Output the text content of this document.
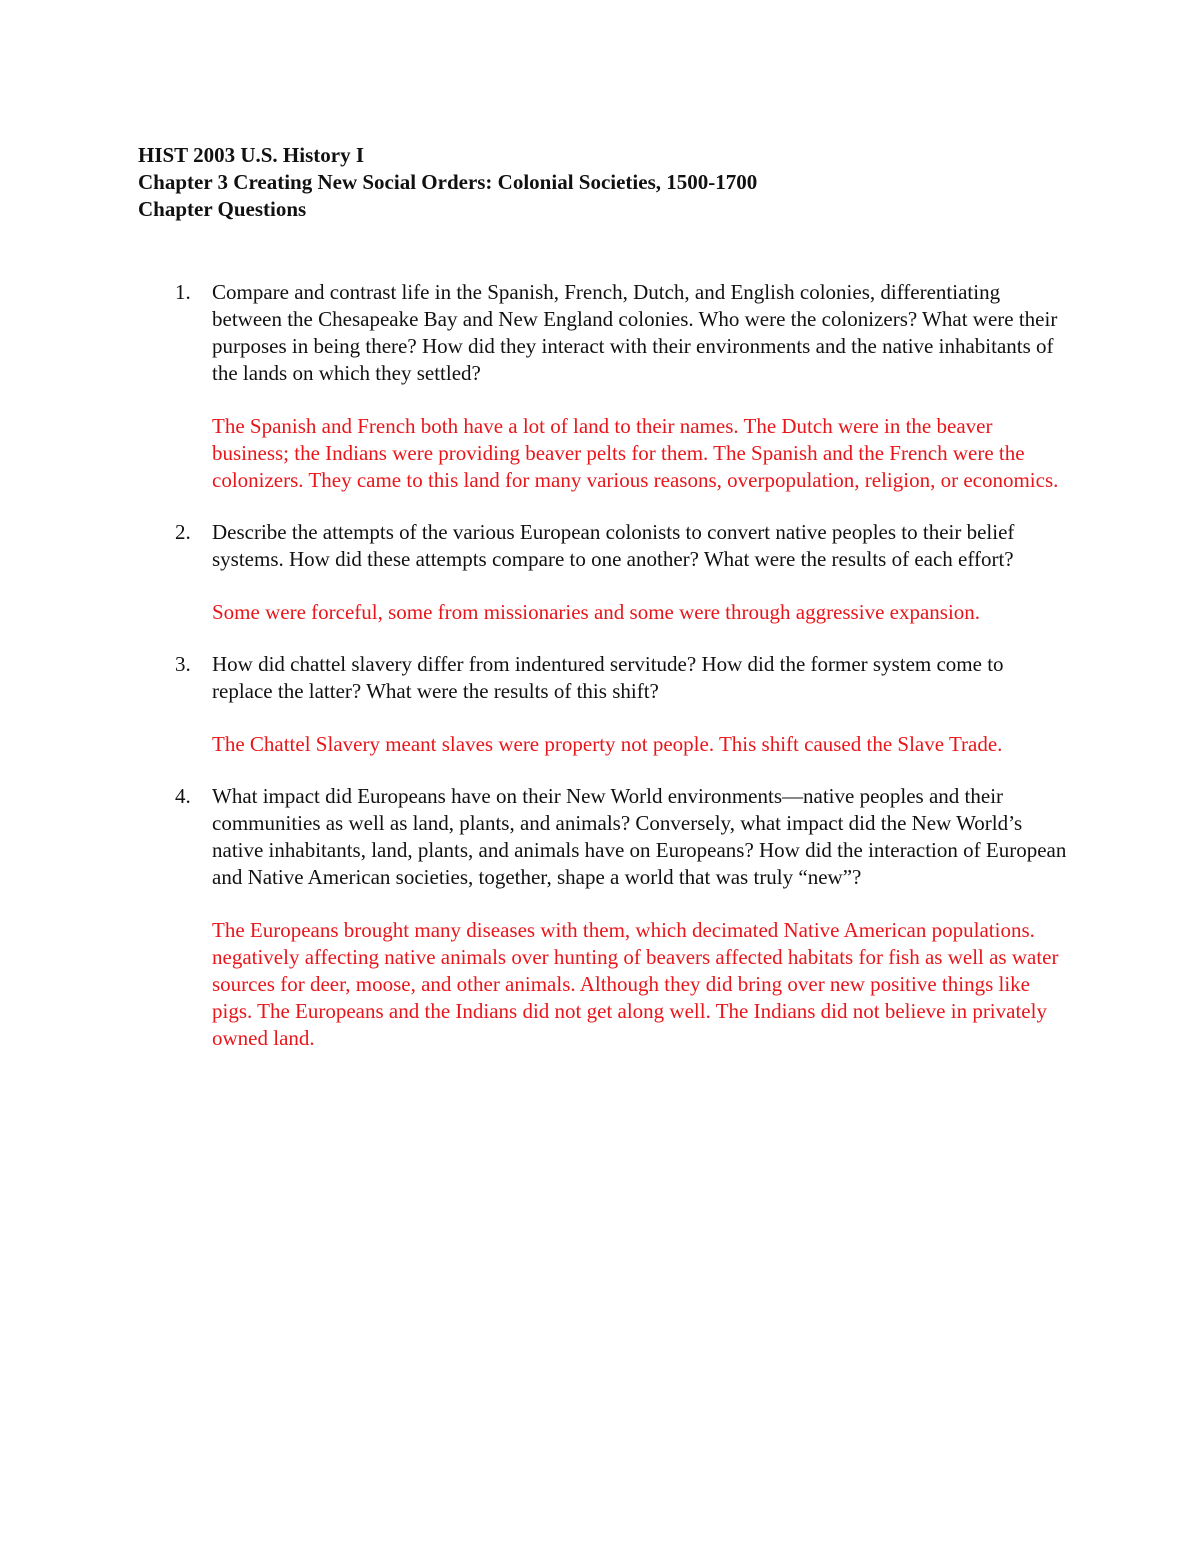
HIST 2003 U.S. History I
Chapter 3 Creating New Social Orders: Colonial Societies, 1500-1700
Chapter Questions
1. Compare and contrast life in the Spanish, French, Dutch, and English colonies, differentiating between the Chesapeake Bay and New England colonies. Who were the colonizers? What were their purposes in being there? How did they interact with their environments and the native inhabitants of the lands on which they settled?

The Spanish and French both have a lot of land to their names. The Dutch were in the beaver business; the Indians were providing beaver pelts for them. The Spanish and the French were the colonizers. They came to this land for many various reasons, overpopulation, religion, or economics.

2. Describe the attempts of the various European colonists to convert native peoples to their belief systems. How did these attempts compare to one another? What were the results of each effort?

Some were forceful, some from missionaries and some were through aggressive expansion.

3. How did chattel slavery differ from indentured servitude? How did the former system come to replace the latter? What were the results of this shift?

The Chattel Slavery meant slaves were property not people. This shift caused the Slave Trade.

4. What impact did Europeans have on their New World environments—native peoples and their communities as well as land, plants, and animals? Conversely, what impact did the New World’s native inhabitants, land, plants, and animals have on Europeans? How did the interaction of European and Native American societies, together, shape a world that was truly “new”?

The Europeans brought many diseases with them, which decimated Native American populations. negatively affecting native animals over hunting of beavers affected habitats for fish as well as water sources for deer, moose, and other animals. Although they did bring over new positive things like pigs. The Europeans and the Indians did not get along well. The Indians did not believe in privately owned land.
